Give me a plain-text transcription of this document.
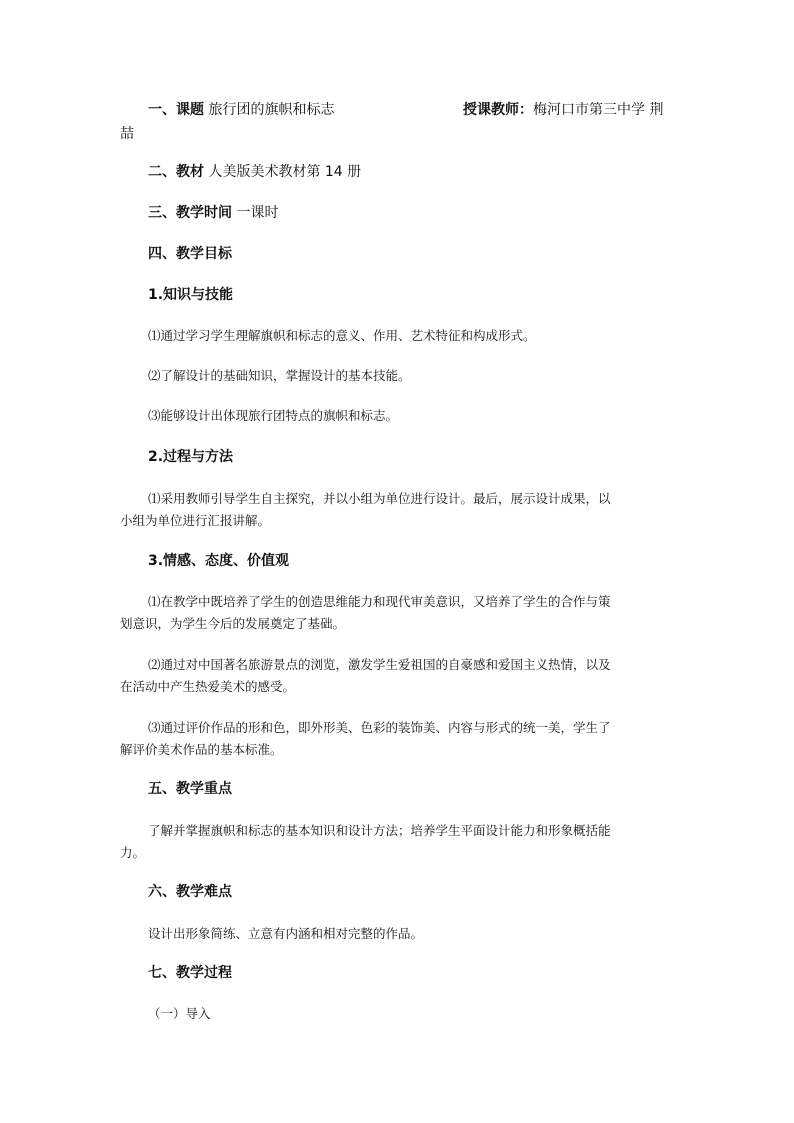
一、课题 旅行团的旗帜和标志	授课教师：梅河口市第三中学 荆
喆
二、教材 人美版美术教材第 14 册
三、教学时间 一课时
四、教学目标
1.知识与技能
⑴通过学习学生理解旗帜和标志的意义、作用、艺术特征和构成形式。
⑵了解设计的基础知识，掌握设计的基本技能。
⑶能够设计出体现旅行团特点的旗帜和标志。
2.过程与方法
⑴采用教师引导学生自主探究，并以小组为单位进行设计。最后，展示设计成果，以
小组为单位进行汇报讲解。
3.情感、态度、价值观
⑴在教学中既培养了学生的创造思维能力和现代审美意识，又培养了学生的合作与策
划意识，为学生今后的发展奠定了基础。
⑵通过对中国著名旅游景点的浏览，激发学生爱祖国的自豪感和爱国主义热情，以及
在活动中产生热爱美术的感受。
⑶通过评价作品的形和色，即外形美、色彩的装饰美、内容与形式的统一美，学生了
解评价美术作品的基本标准。
五、教学重点
了解并掌握旗帜和标志的基本知识和设计方法；培养学生平面设计能力和形象概括能
力。
六、教学难点
设计出形象简练、立意有内涵和相对完整的作品。
七、教学过程
（一）导入
